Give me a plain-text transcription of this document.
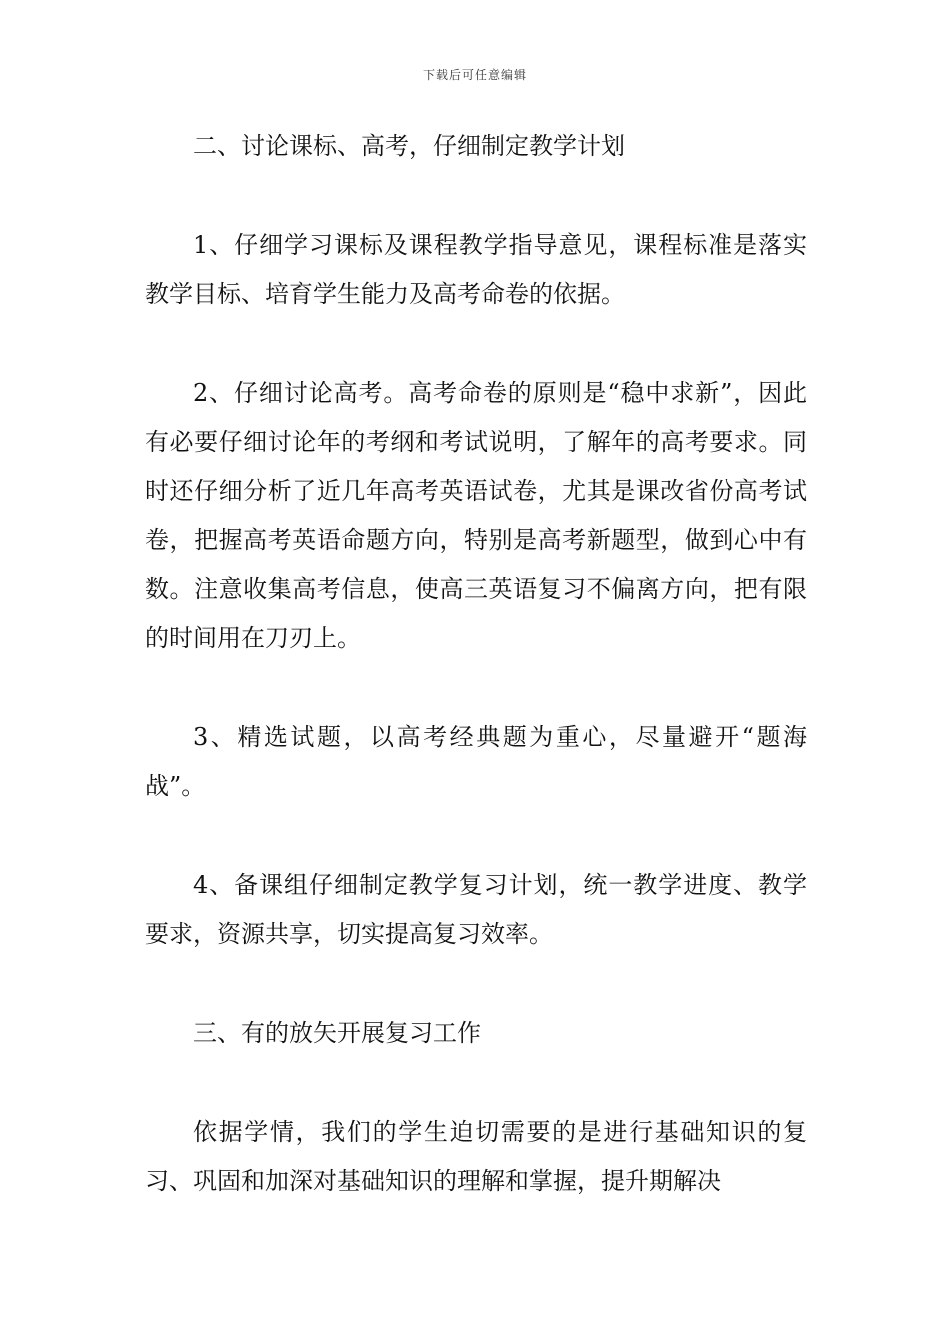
下载后可任意编辑

二、讨论课标、高考，仔细制定教学计划

1、仔细学习课标及课程教学指导意见，课程标准是落实教学目标、培育学生能力及高考命卷的依据。

2、仔细讨论高考。高考命卷的原则是“稳中求新”，因此有必要仔细讨论年的考纲和考试说明，了解年的高考要求。同时还仔细分析了近几年高考英语试卷，尤其是课改省份高考试卷，把握高考英语命题方向，特别是高考新题型，做到心中有数。注意收集高考信息，使高三英语复习不偏离方向，把有限的时间用在刀刃上。

3、精选试题，以高考经典题为重心，尽量避开“题海战”。

4、备课组仔细制定教学复习计划，统一教学进度、教学要求，资源共享，切实提高复习效率。

三、有的放矢开展复习工作

依据学情，我们的学生迫切需要的是进行基础知识的复习、巩固和加深对基础知识的理解和掌握，提升期解决
